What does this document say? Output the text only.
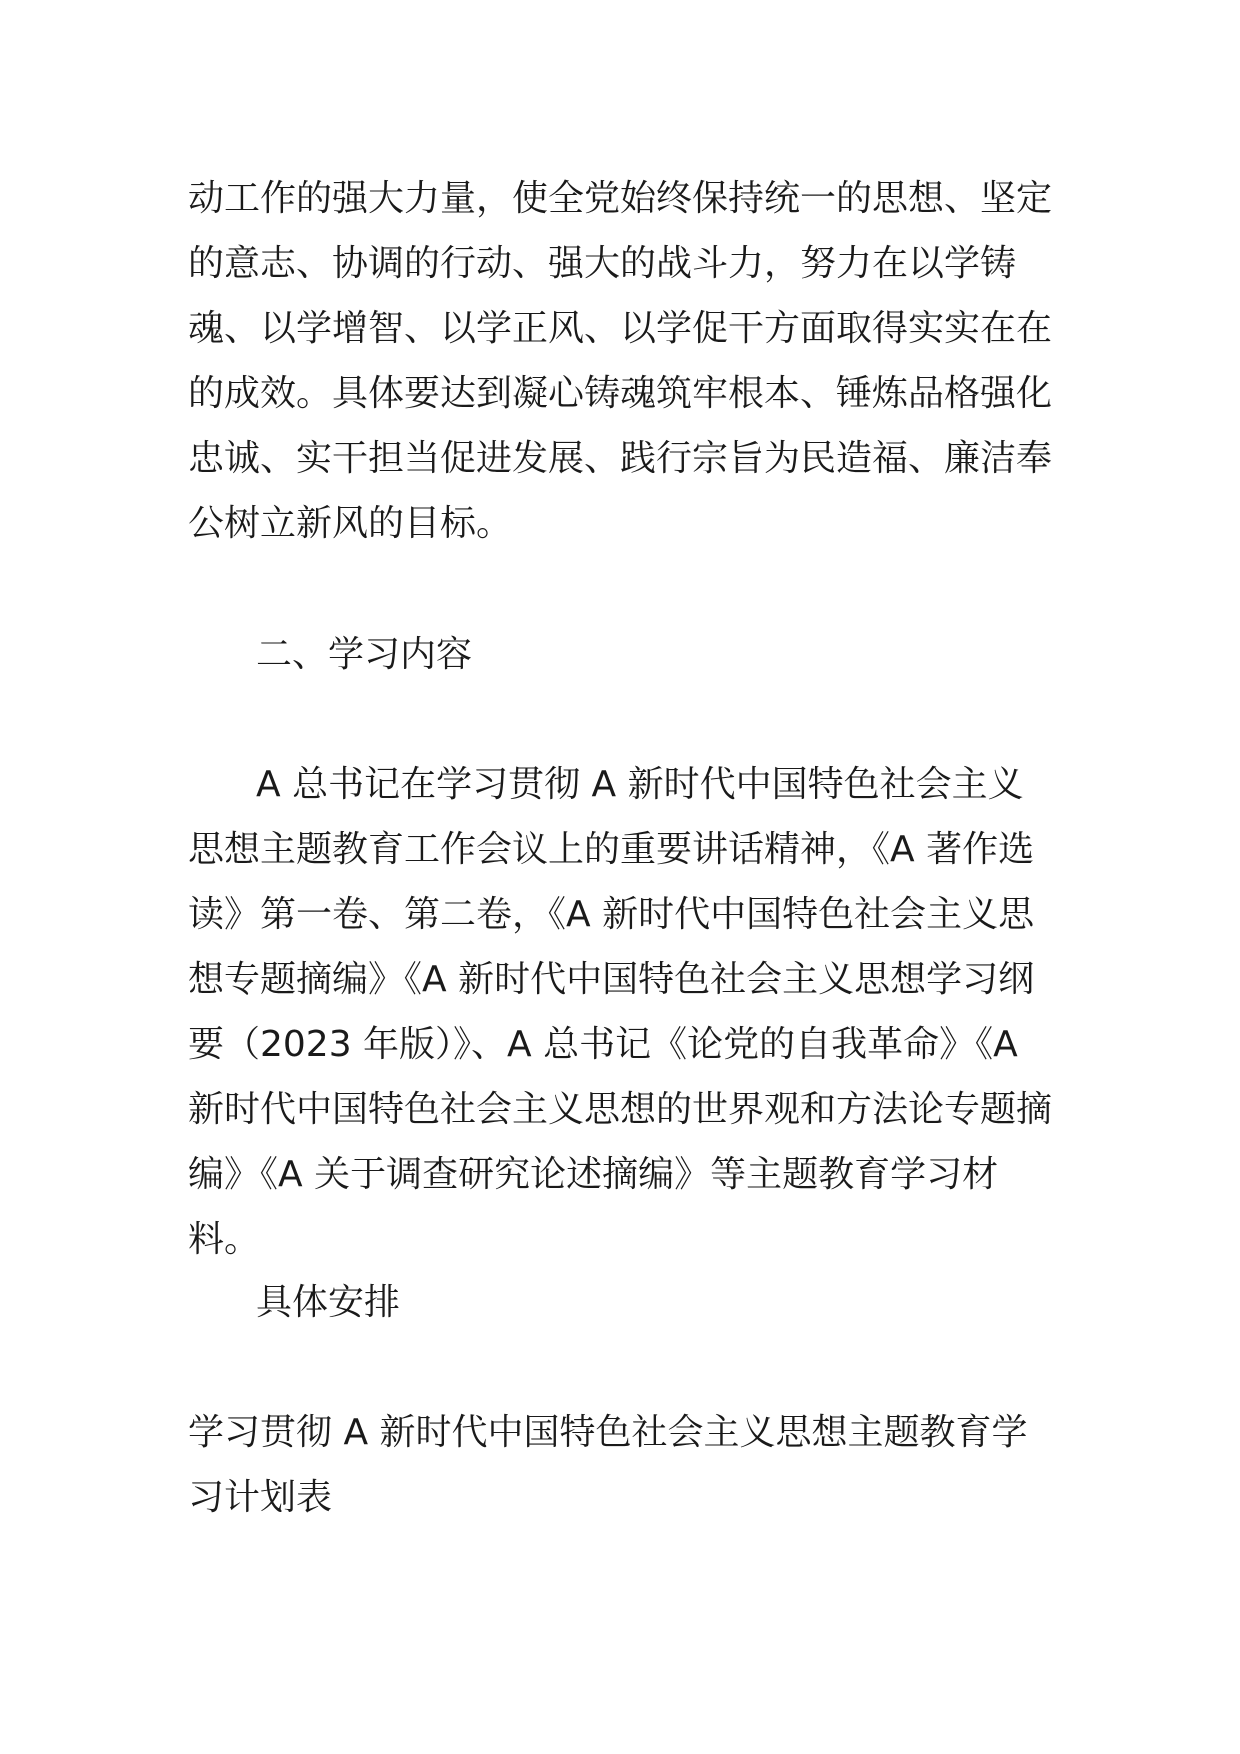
动工作的强大力量，使全党始终保持统一的思想、坚定的意志、协调的行动、强大的战斗力，努力在以学铸魂、以学增智、以学正风、以学促干方面取得实实在在的成效。具体要达到凝心铸魂筑牢根本、锤炼品格强化忠诚、实干担当促进发展、践行宗旨为民造福、廉洁奉公树立新风的目标。

二、学习内容

A 总书记在学习贯彻 A 新时代中国特色社会主义思想主题教育工作会议上的重要讲话精神，《A 著作选读》第一卷、第二卷，《A 新时代中国特色社会主义思想专题摘编》《A 新时代中国特色社会主义思想学习纲要（2023 年版）》、A 总书记《论党的自我革命》《A 新时代中国特色社会主义思想的世界观和方法论专题摘编》《A 关于调查研究论述摘编》等主题教育学习材料。

具体安排

学习贯彻 A 新时代中国特色社会主义思想主题教育学习计划表
